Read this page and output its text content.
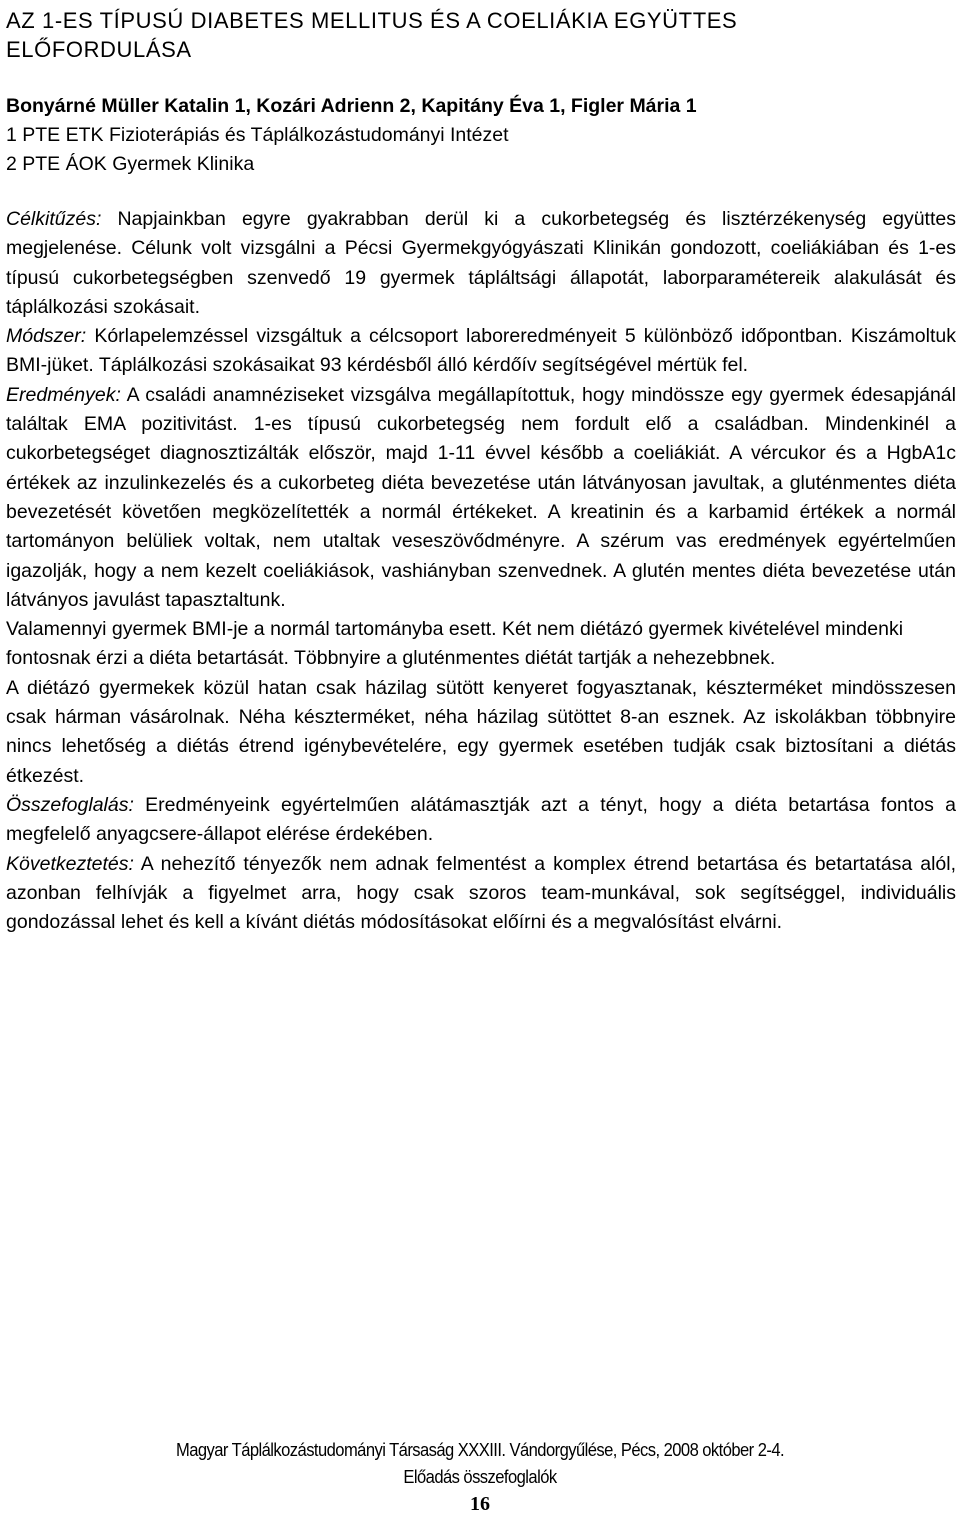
AZ 1-ES TÍPUSÚ DIABETES MELLITUS ÉS A COELIÁKIA EGYÜTTES ELŐFORDULÁSA

Bonyárné Müller Katalin 1, Kozári Adrienn 2, Kapitány Éva 1, Figler Mária 1

1 PTE ETK Fizioterápiás és Táplálkozástudományi Intézet

2 PTE ÁOK Gyermek Klinika

Célkitűzés: Napjainkban egyre gyakrabban derül ki a cukorbetegség és lisztérzékenység együttes megjelenése. Célunk volt vizsgálni a Pécsi Gyermekgyógyászati Klinikán gondozott, coeliákiában és 1-es típusú cukorbetegségben szenvedő 19 gyermek tápláltsági állapotát, laborparamétereik alakulását és táplálkozási szokásait.

Módszer: Kórlapelemzéssel vizsgáltuk a célcsoport laboreredményeit 5 különböző időpontban. Kiszámoltuk BMI-jüket. Táplálkozási szokásaikat 93 kérdésből álló kérdőív segítségével mértük fel.

Eredmények: A családi anamnéziseket vizsgálva megállapítottuk, hogy mindössze egy gyermek édesapjánál találtak EMA pozitivitást. 1-es típusú cukorbetegség nem fordult elő a családban. Mindenkinél a cukorbetegséget diagnosztizálták először, majd 1-11 évvel később a coeliákiát. A vércukor és a HgbA1c értékek az inzulinkezelés és a cukorbeteg diéta bevezetése után látványosan javultak, a gluténmentes diéta bevezetését követően megközelítették a normál értékeket. A kreatinin és a karbamid értékek a normál tartományon belüliek voltak, nem utaltak veseszövődményre. A szérum vas eredmények egyértelműen igazolják, hogy a nem kezelt coeliákiások, vashiányban szenvednek. A glutén mentes diéta bevezetése után látványos javulást tapasztaltunk.

Valamennyi gyermek BMI-je a normál tartományba esett. Két nem diétázó gyermek kivételével mindenki fontosnak érzi a diéta betartását. Többnyire a gluténmentes diétát tartják a nehezebbnek.

A diétázó gyermekek közül hatan csak házilag sütött kenyeret fogyasztanak, készterméket mindösszesen csak hárman vásárolnak. Néha készterméket, néha házilag sütöttet 8-an esznek. Az iskolákban többnyire nincs lehetőség a diétás étrend igénybevételére, egy gyermek esetében tudják csak biztosítani a diétás étkezést.

Összefoglalás: Eredményeink egyértelműen alátámasztják azt a tényt, hogy a diéta betartása fontos a megfelelő anyagcsere-állapot elérése érdekében.

Következtetés: A nehezítő tényezők nem adnak felmentést a komplex étrend betartása és betartatása alól, azonban felhívják a figyelmet arra, hogy csak szoros team-munkával, sok segítséggel, individuális gondozással lehet és kell a kívánt diétás módosításokat előírni és a megvalósítást elvárni.

Magyar Táplálkozástudományi Társaság XXXIII. Vándorgyűlése, Pécs, 2008 október 2-4.
Előadás összefoglalók
16
